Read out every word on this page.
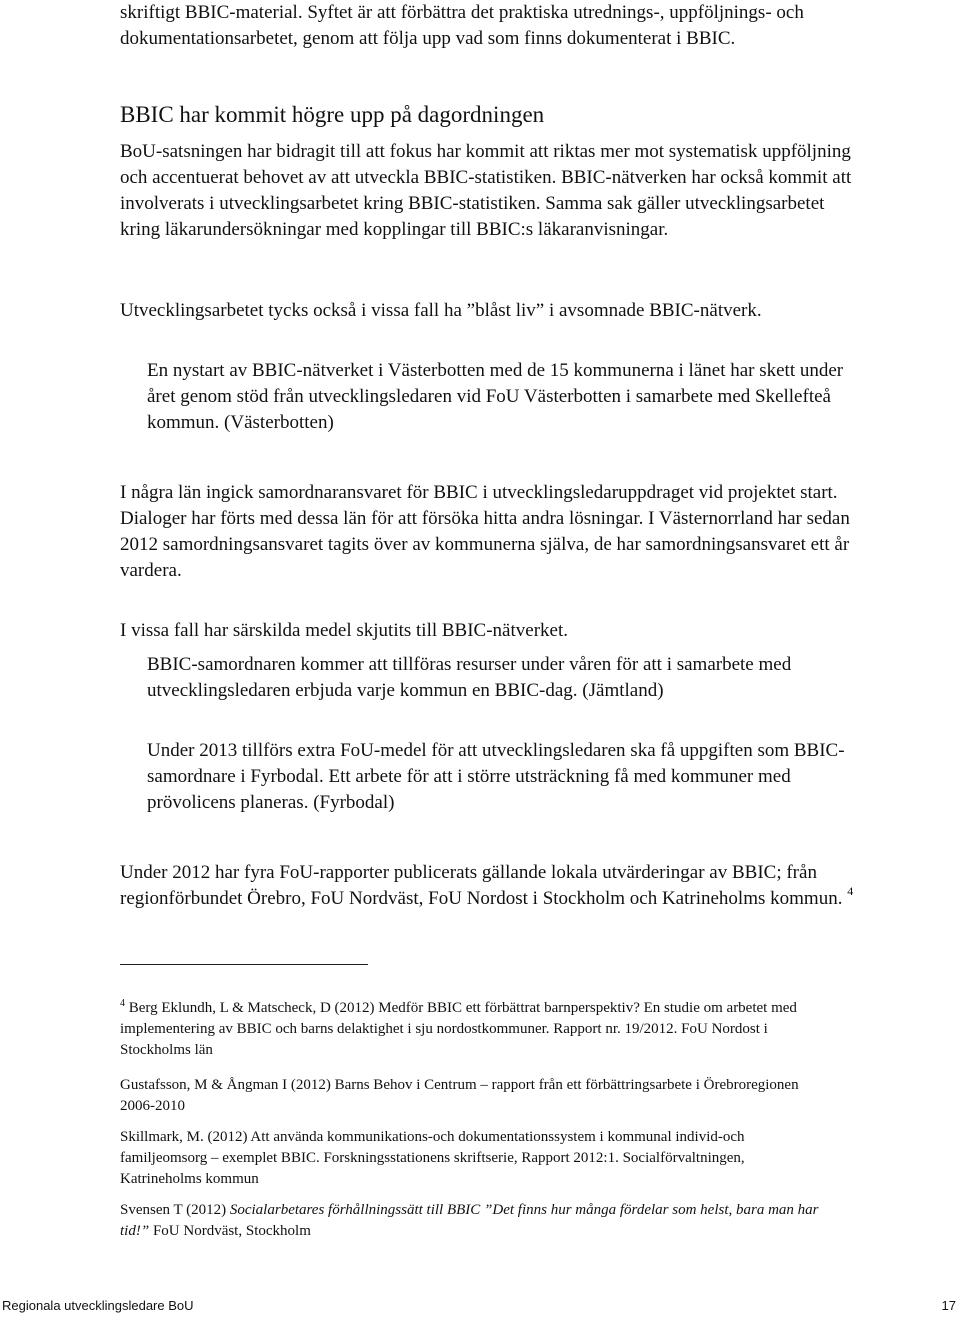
skriftigt BBIC-material. Syftet är att förbättra det praktiska utrednings-, uppföljnings- och dokumentationsarbetet, genom att följa upp vad som finns dokumenterat i BBIC.

BBIC har kommit högre upp på dagordningen

BoU-satsningen har bidragit till att fokus har kommit att riktas mer mot systematisk uppföljning och accentuerat behovet av att utveckla BBIC-statistiken. BBIC-nätverken har också kommit att involverats i utvecklingsarbetet kring BBIC-statistiken. Samma sak gäller utvecklingsarbetet kring läkarundersökningar med kopplingar till BBIC:s läkaranvisningar.

Utvecklingsarbetet tycks också i vissa fall ha ”blåst liv” i avsomnade BBIC-nätverk.

En nystart av BBIC-nätverket i Västerbotten med de 15 kommunerna i länet har skett under året genom stöd från utvecklingsledaren vid FoU Västerbotten i samarbete med Skellefteå kommun. (Västerbotten)

I några län ingick samordnaransvaret för BBIC i utvecklingsledaruppdraget vid projektet start. Dialoger har förts med dessa län för att försöka hitta andra lösningar. I Västernorrland har sedan 2012 samordningsansvaret tagits över av kommunerna själva, de har samordningsansvaret ett år vardera.

I vissa fall har särskilda medel skjutits till BBIC-nätverket.

BBIC-samordnaren kommer att tillföras resurser under våren för att i samarbete med utvecklingsledaren erbjuda varje kommun en BBIC-dag. (Jämtland)

Under 2013 tillförs extra FoU-medel för att utvecklingsledaren ska få uppgiften som BBIC-samordnare i Fyrbodal. Ett arbete för att i större utsträckning få med kommuner med prövolicens planeras. (Fyrbodal)

Under 2012 har fyra FoU-rapporter publicerats gällande lokala utvärderingar av BBIC; från regionförbundet Örebro, FoU Nordväst, FoU Nordost i Stockholm och Katrineholms kommun. $^4$

$^4$ Berg Eklundh, L & Matscheck, D (2012) Medför BBIC ett förbättrat barnperspektiv? En studie om arbetet med implementering av BBIC och barns delaktighet i sju nordostkommuner. Rapport nr. 19/2012. FoU Nordost i Stockholms län

Gustafsson, M & Ångman I (2012) Barns Behov i Centrum – rapport från ett förbättringsarbete i Örebroregionen 2006-2010

Skillmark, M. (2012) Att använda kommunikations-och dokumentationssystem i kommunal individ-och familjeomsorg – exemplet BBIC. Forskningsstationens skriftserie, Rapport 2012:1. Socialförvaltningen, Katrineholms kommun

Svensen T (2012) Socialarbetares förhållningssätt till BBIC ”Det finns hur många fördelar som helst, bara man har tid!” FoU Nordväst, Stockholm

Regionala utvecklingsledare BoU	17
